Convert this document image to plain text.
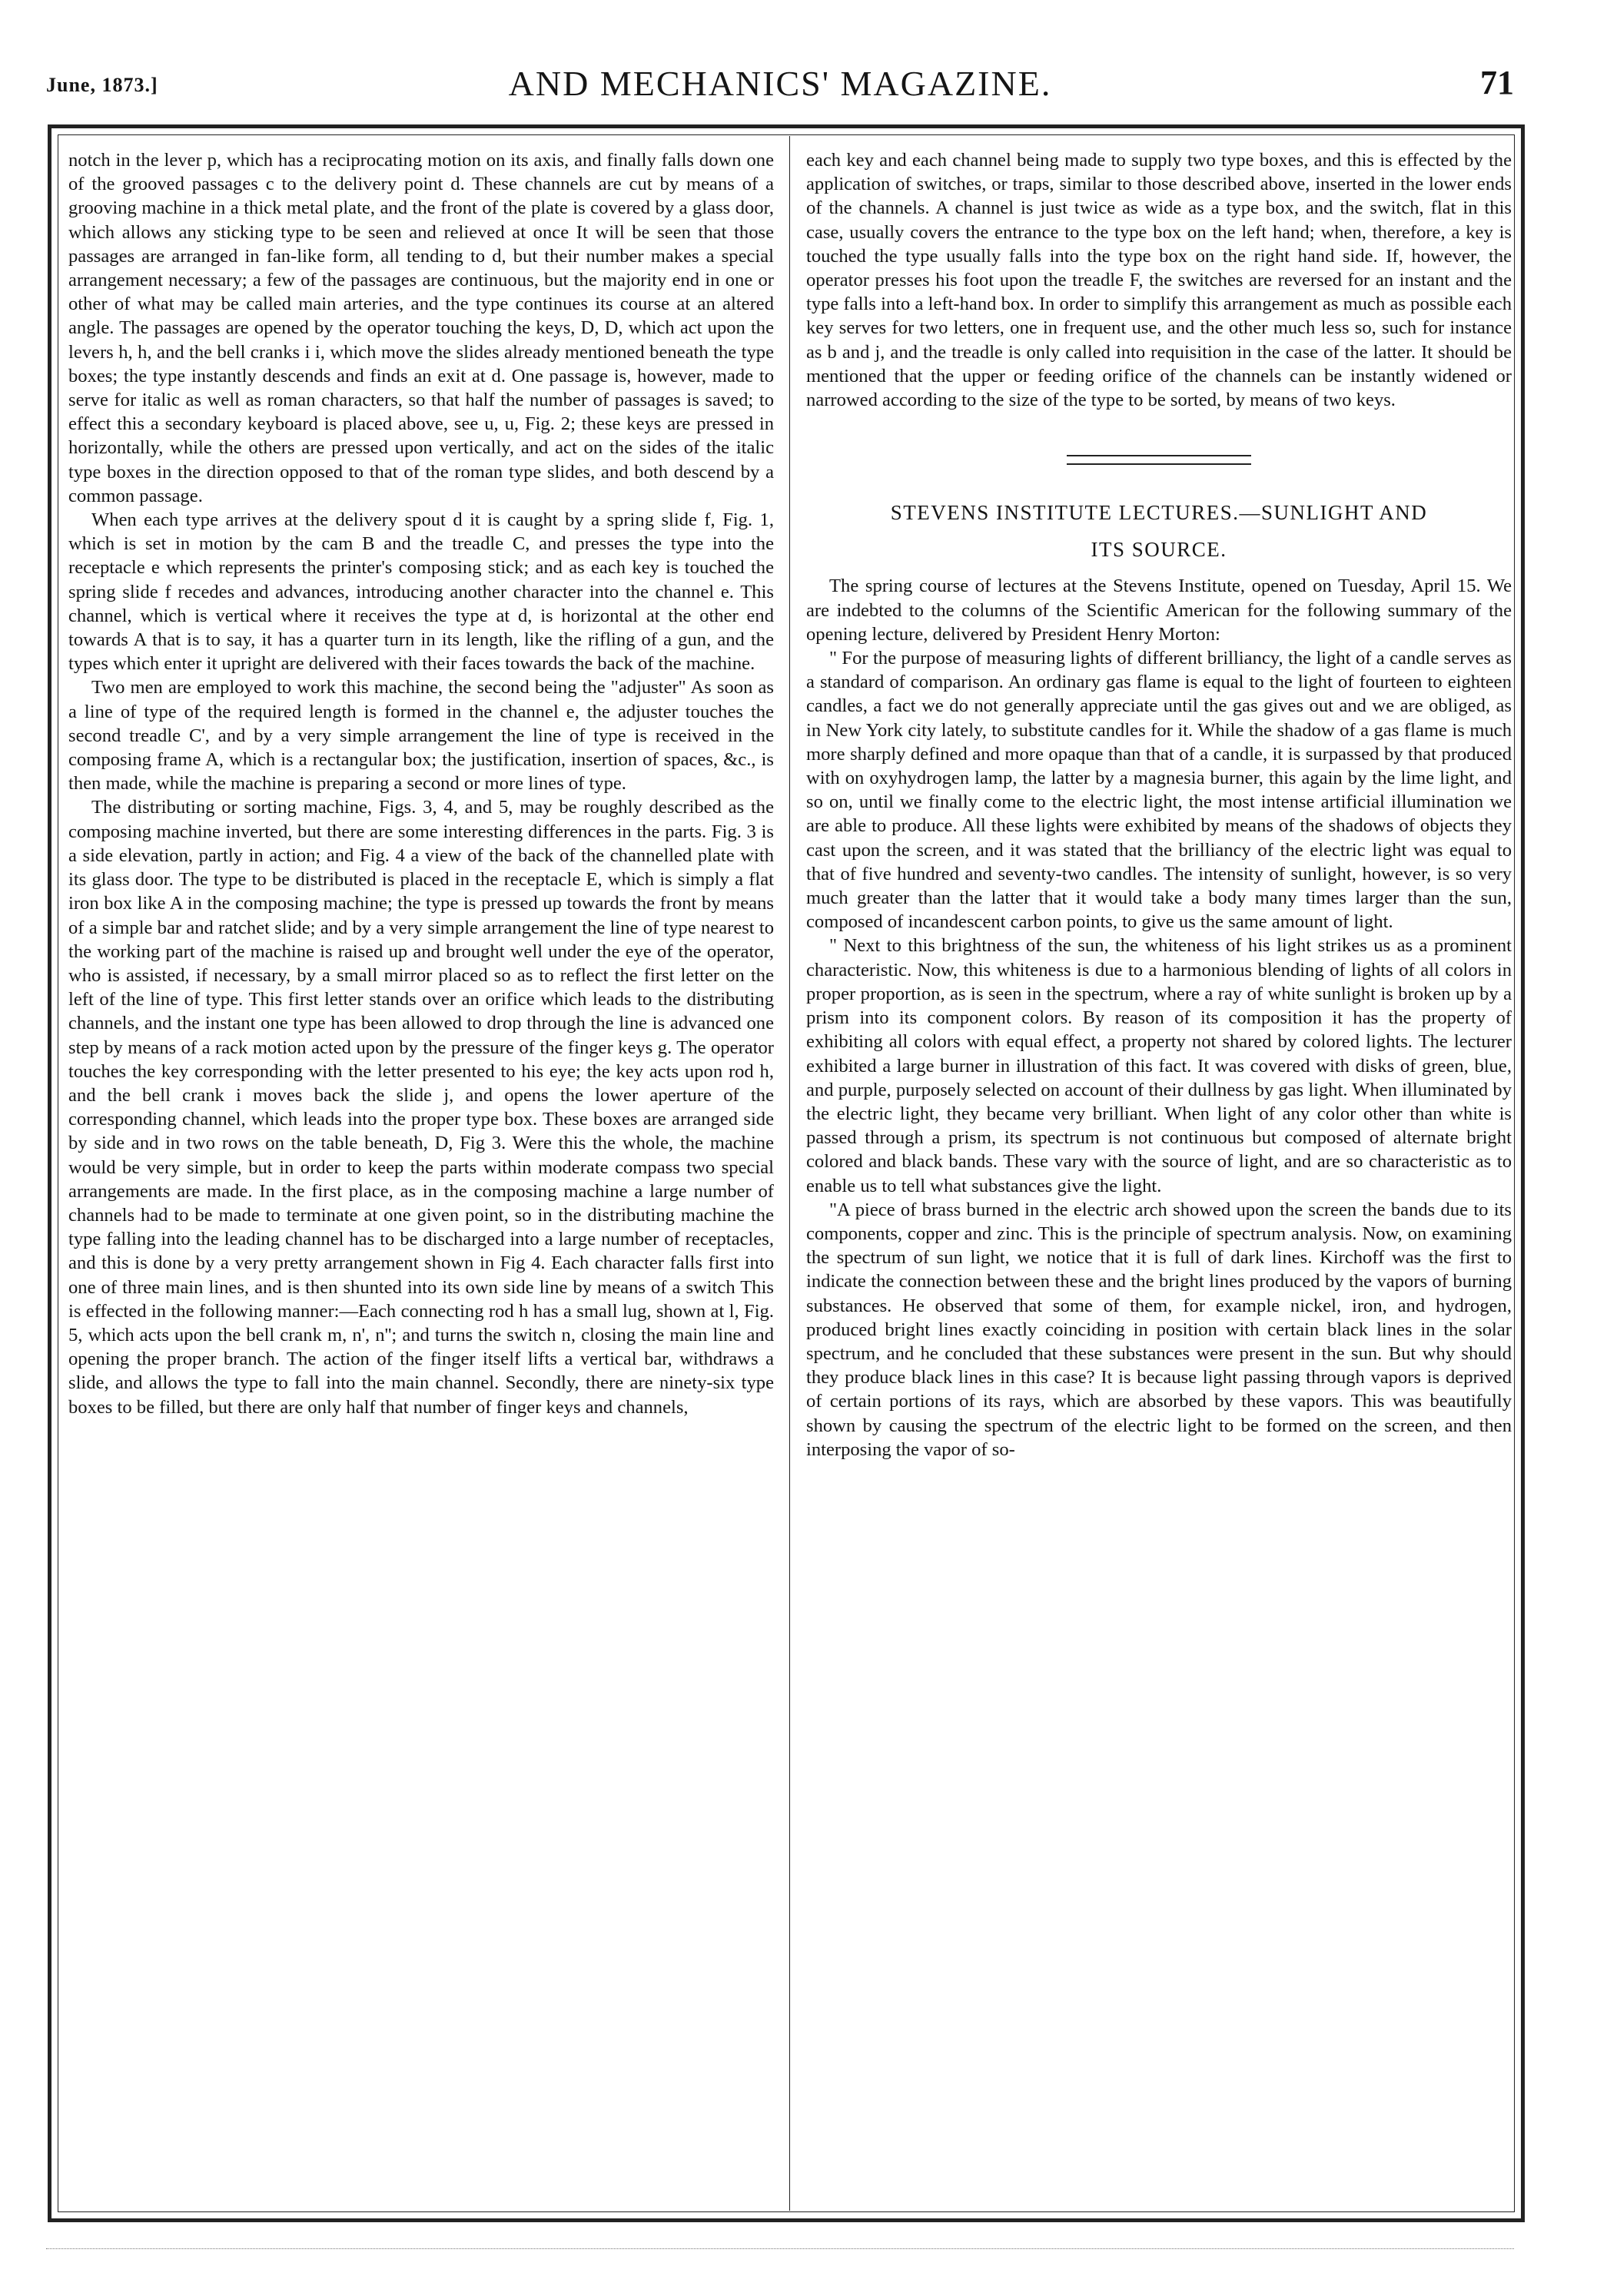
June, 1873.]	AND MECHANICS' MAGAZINE.	71

notch in the lever p, which has a reciprocating motion on its axis, and finally falls down one of the grooved passages c to the delivery point d. These channels are cut by means of a grooving machine in a thick metal plate, and the front of the plate is covered by a glass door, which allows any sticking type to be seen and relieved at once It will be seen that those passages are arranged in fan-like form, all tending to d, but their number makes a special arrangement necessary; a few of the passages are continuous, but the majority end in one or other of what may be called main arteries, and the type continues its course at an altered angle. The passages are opened by the operator touching the keys, D, D, which act upon the levers h, h, and the bell cranks i i, which move the slides already mentioned beneath the type boxes; the type instantly descends and finds an exit at d. One passage is, however, made to serve for italic as well as roman characters, so that half the number of passages is saved; to effect this a secondary keyboard is placed above, see u, u, Fig. 2; these keys are pressed in horizontally, while the others are pressed upon vertically, and act on the sides of the italic type boxes in the direction opposed to that of the roman type slides, and both descend by a common passage.

When each type arrives at the delivery spout d it is caught by a spring slide f, Fig. 1, which is set in motion by the cam B and the treadle C, and presses the type into the receptacle e which represents the printer's composing stick; and as each key is touched the spring slide f recedes and advances, introducing another character into the channel e. This channel, which is vertical where it receives the type at d, is horizontal at the other end towards A that is to say, it has a quarter turn in its length, like the rifling of a gun, and the types which enter it upright are delivered with their faces towards the back of the machine.

Two men are employed to work this machine, the second being the "adjuster" As soon as a line of type of the required length is formed in the channel e, the adjuster touches the second treadle C', and by a very simple arrangement the line of type is received in the composing frame A, which is a rectangular box; the justification, insertion of spaces, &c., is then made, while the machine is preparing a second or more lines of type.

The distributing or sorting machine, Figs. 3, 4, and 5, may be roughly described as the composing machine inverted, but there are some interesting differences in the parts. Fig. 3 is a side elevation, partly in action; and Fig. 4 a view of the back of the channelled plate with its glass door. The type to be distributed is placed in the receptacle E, which is simply a flat iron box like A in the composing machine; the type is pressed up towards the front by means of a simple bar and ratchet slide; and by a very simple arrangement the line of type nearest to the working part of the machine is raised up and brought well under the eye of the operator, who is assisted, if necessary, by a small mirror placed so as to reflect the first letter on the left of the line of type. This first letter stands over an orifice which leads to the distributing channels, and the instant one type has been allowed to drop through the line is advanced one step by means of a rack motion acted upon by the pressure of the finger keys g. The operator touches the key corresponding with the letter presented to his eye; the key acts upon rod h, and the bell crank i moves back the slide j, and opens the lower aperture of the corresponding channel, which leads into the proper type box. These boxes are arranged side by side and in two rows on the table beneath, D, Fig 3. Were this the whole, the machine would be very simple, but in order to keep the parts within moderate compass two special arrangements are made. In the first place, as in the composing machine a large number of channels had to be made to terminate at one given point, so in the distributing machine the type falling into the leading channel has to be discharged into a large number of receptacles, and this is done by a very pretty arrangement shown in Fig 4. Each character falls first into one of three main lines, and is then shunted into its own side line by means of a switch This is effected in the following manner:—Each connecting rod h has a small lug, shown at l, Fig. 5, which acts upon the bell crank m, n', n''; and turns the switch n, closing the main line and opening the proper branch. The action of the finger itself lifts a vertical bar, withdraws a slide, and allows the type to fall into the main channel. Secondly, there are ninety-six type boxes to be filled, but there are only half that number of finger keys and channels,

each key and each channel being made to supply two type boxes, and this is effected by the application of switches, or traps, similar to those described above, inserted in the lower ends of the channels. A channel is just twice as wide as a type box, and the switch, flat in this case, usually covers the entrance to the type box on the left hand; when, therefore, a key is touched the type usually falls into the type box on the right hand side. If, however, the operator presses his foot upon the treadle F, the switches are reversed for an instant and the type falls into a left-hand box. In order to simplify this arrangement as much as possible each key serves for two letters, one in frequent use, and the other much less so, such for instance as b and j, and the treadle is only called into requisition in the case of the latter. It should be mentioned that the upper or feeding orifice of the channels can be instantly widened or narrowed according to the size of the type to be sorted, by means of two keys.

STEVENS INSTITUTE LECTURES.—SUNLIGHT AND
ITS SOURCE.

The spring course of lectures at the Stevens Institute, opened on Tuesday, April 15. We are indebted to the columns of the Scientific American for the following summary of the opening lecture, delivered by President Henry Morton:

" For the purpose of measuring lights of different brilliancy, the light of a candle serves as a standard of comparison. An ordinary gas flame is equal to the light of fourteen to eighteen candles, a fact we do not generally appreciate until the gas gives out and we are obliged, as in New York city lately, to substitute candles for it. While the shadow of a gas flame is much more sharply defined and more opaque than that of a candle, it is surpassed by that produced with on oxyhydrogen lamp, the latter by a magnesia burner, this again by the lime light, and so on, until we finally come to the electric light, the most intense artificial illumination we are able to produce. All these lights were exhibited by means of the shadows of objects they cast upon the screen, and it was stated that the brilliancy of the electric light was equal to that of five hundred and seventy-two candles. The intensity of sunlight, however, is so very much greater than the latter that it would take a body many times larger than the sun, composed of incandescent carbon points, to give us the same amount of light.

" Next to this brightness of the sun, the whiteness of his light strikes us as a prominent characteristic. Now, this whiteness is due to a harmonious blending of lights of all colors in proper proportion, as is seen in the spectrum, where a ray of white sunlight is broken up by a prism into its component colors. By reason of its composition it has the property of exhibiting all colors with equal effect, a property not shared by colored lights. The lecturer exhibited a large burner in illustration of this fact. It was covered with disks of green, blue, and purple, purposely selected on account of their dullness by gas light. When illuminated by the electric light, they became very brilliant. When light of any color other than white is passed through a prism, its spectrum is not continuous but composed of alternate bright colored and black bands. These vary with the source of light, and are so characteristic as to enable us to tell what substances give the light.

"A piece of brass burned in the electric arch showed upon the screen the bands due to its components, copper and zinc. This is the principle of spectrum analysis. Now, on examining the spectrum of sun light, we notice that it is full of dark lines. Kirchoff was the first to indicate the connection between these and the bright lines produced by the vapors of burning substances. He observed that some of them, for example nickel, iron, and hydrogen, produced bright lines exactly coinciding in position with certain black lines in the solar spectrum, and he concluded that these substances were present in the sun. But why should they produce black lines in this case? It is because light passing through vapors is deprived of certain portions of its rays, which are absorbed by these vapors. This was beautifully shown by causing the spectrum of the electric light to be formed on the screen, and then interposing the vapor of so-
